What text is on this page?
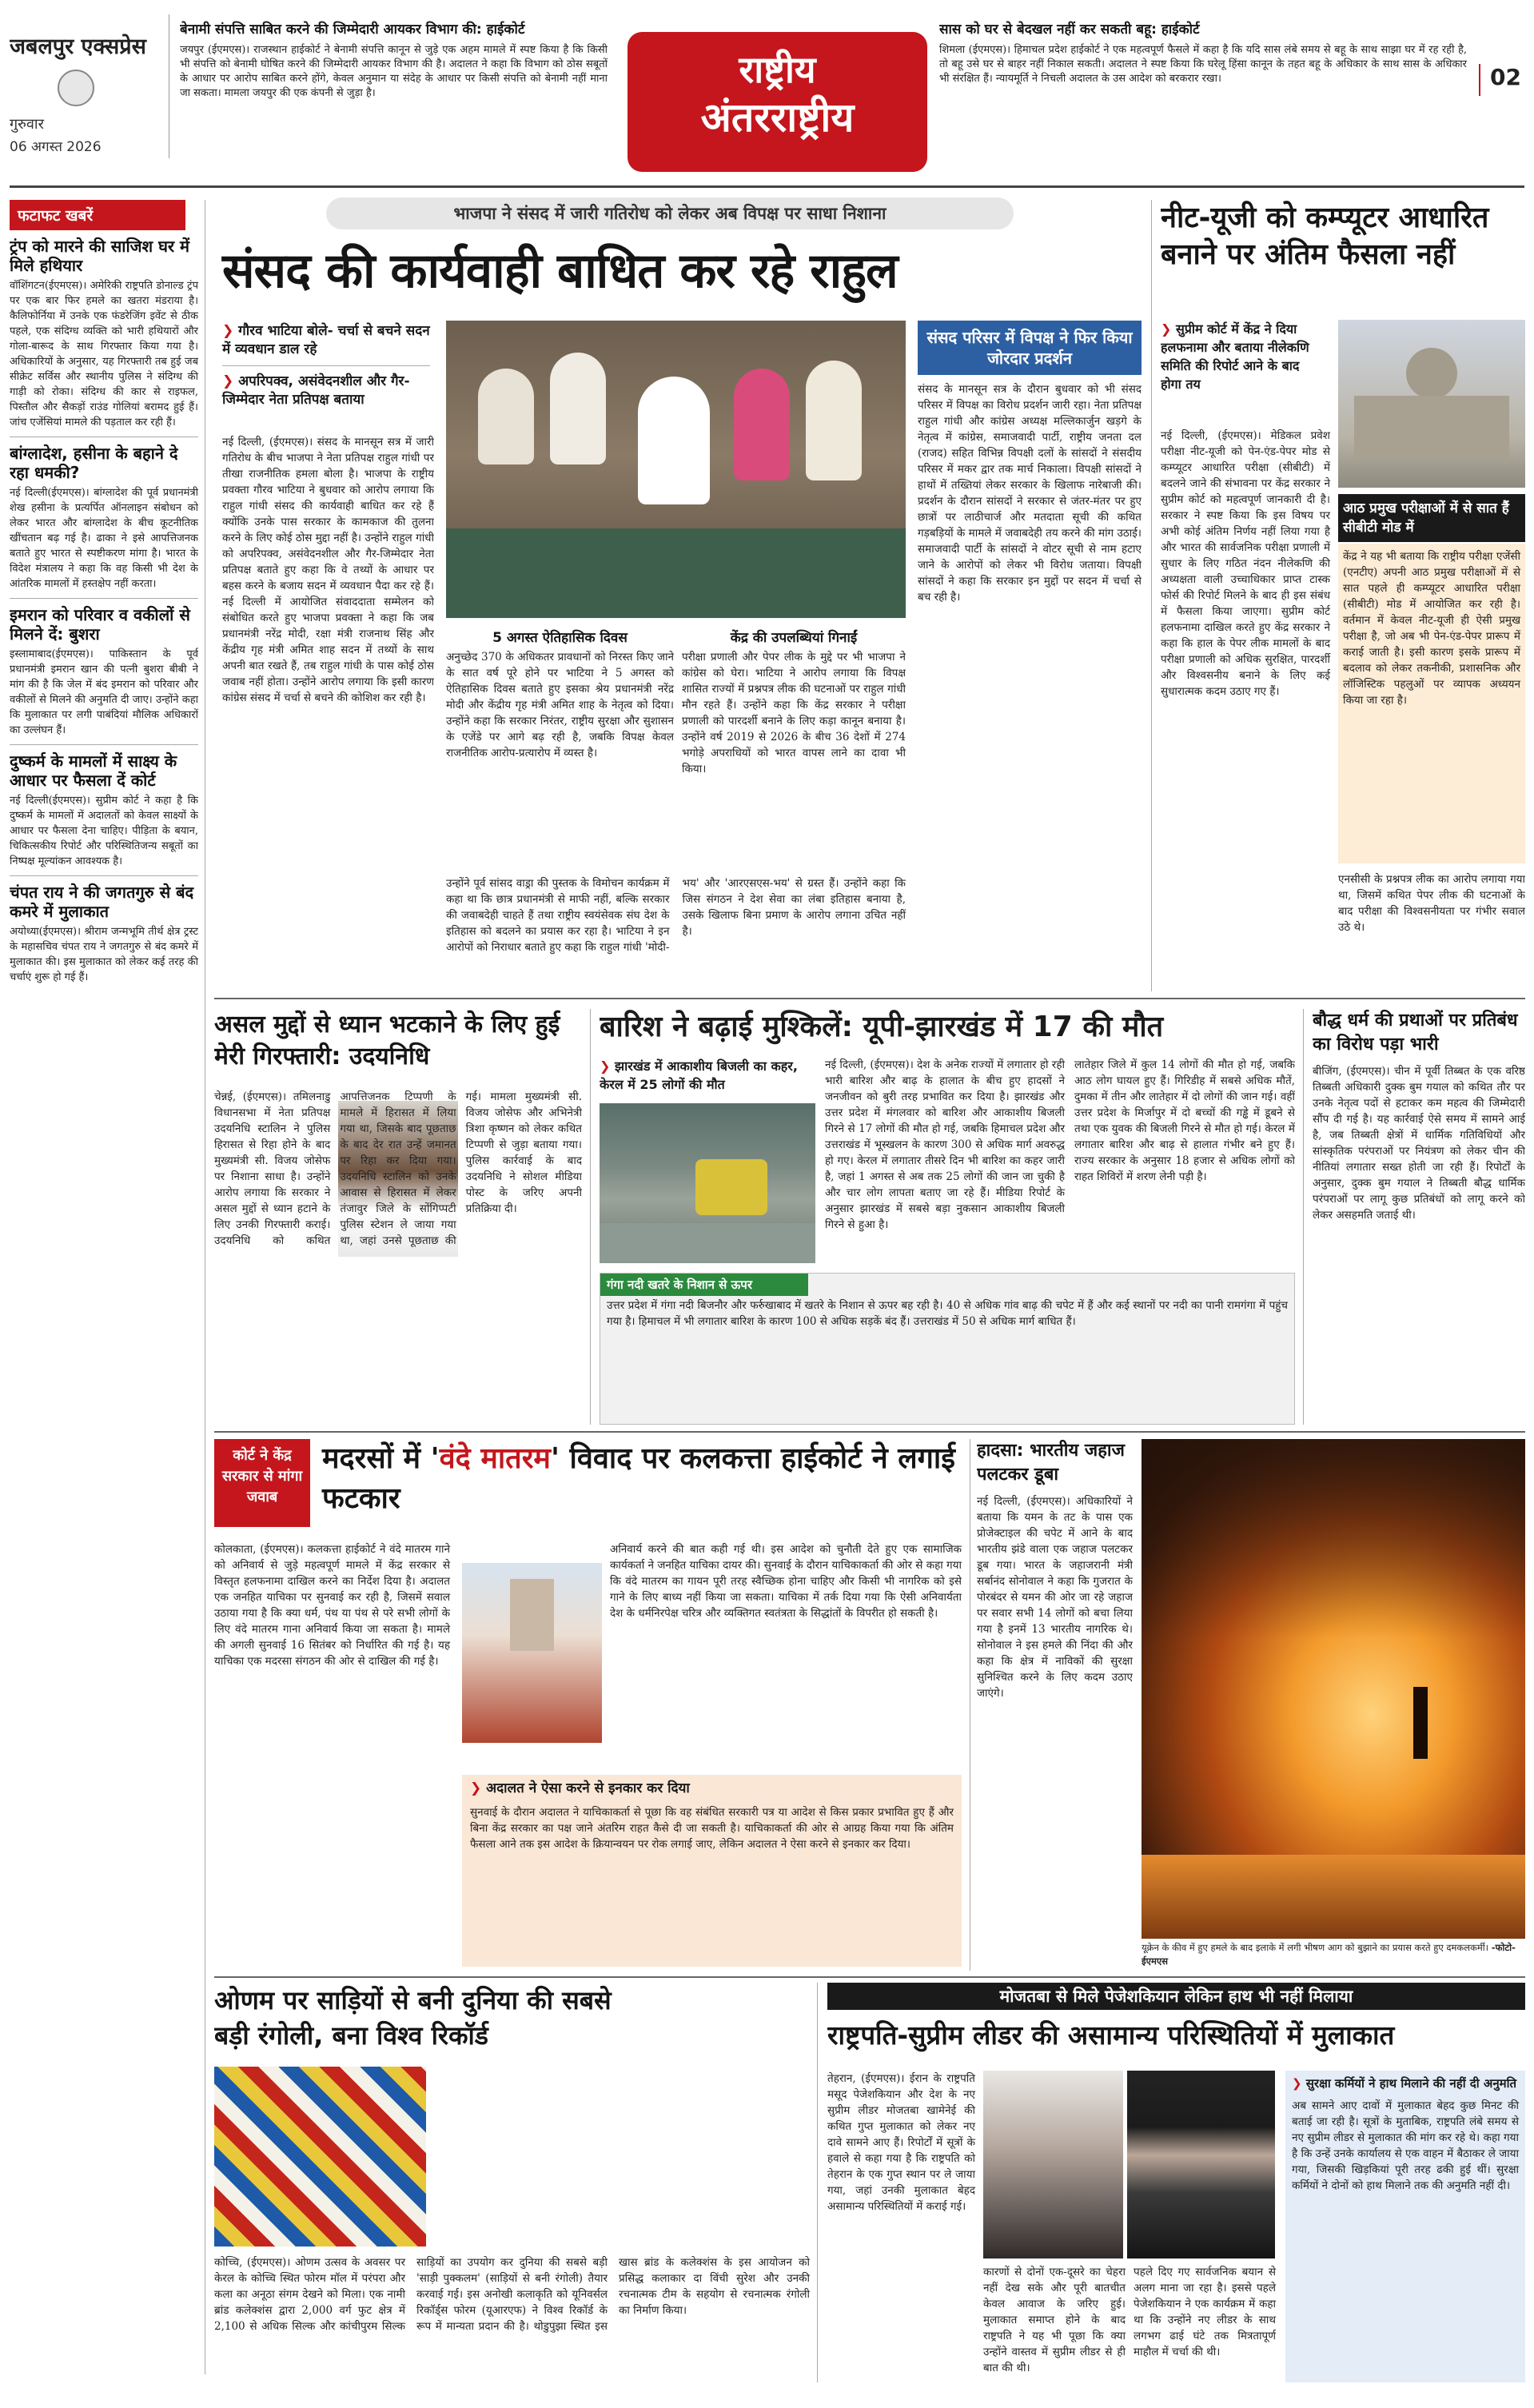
जबलपुर एक्सप्रेस
गुरुवार
06 अगस्त 2026
बेनामी संपत्ति साबित करने की जिम्मेदारी आयकर विभाग की: हाईकोर्ट
जयपुर (ईएमएस)। राजस्थान हाईकोर्ट ने बेनामी संपत्ति कानून से जुड़े एक अहम मामले में स्पष्ट किया है कि किसी भी संपत्ति को बेनामी घोषित करने की जिम्मेदारी आयकर विभाग की है। अदालत ने कहा कि विभाग को ठोस सबूतों के आधार पर आरोप साबित करने होंगे, केवल अनुमान या संदेह के आधार पर किसी संपत्ति को बेनामी नहीं माना जा सकता। मामला जयपुर की एक कंपनी से जुड़ा है।
राष्ट्रीय
अंतरराष्ट्रीय
सास को घर से बेदखल नहीं कर सकती बहू: हाईकोर्ट
शिमला (ईएमएस)। हिमाचल प्रदेश हाईकोर्ट ने एक महत्वपूर्ण फैसले में कहा है कि यदि सास लंबे समय से बहू के साथ साझा घर में रह रही है, तो बहू उसे घर से बाहर नहीं निकाल सकती। अदालत ने स्पष्ट किया कि घरेलू हिंसा कानून के तहत बहू के अधिकार के साथ सास के अधिकार भी संरक्षित हैं। न्यायमूर्ति ने निचली अदालत के उस आदेश को बरकरार रखा।	02
फटाफट खबरें
ट्रंप को मारने की साजिश घर में मिले हथियार
वॉशिंगटन(ईएमएस)। अमेरिकी राष्ट्रपति डोनाल्ड ट्रंप पर एक बार फिर हमले का खतरा मंडराया है। कैलिफोर्निया में उनके एक फंडरेजिंग इवेंट से ठीक पहले, एक संदिग्ध व्यक्ति को भारी हथियारों और गोला-बारूद के साथ गिरफ्तार किया गया है। अधिकारियों के अनुसार, यह गिरफ्तारी तब हुई जब सीक्रेट सर्विस और स्थानीय पुलिस ने संदिग्ध की गाड़ी को रोका। संदिग्ध की कार से राइफल, पिस्तौल और सैकड़ों राउंड गोलियां बरामद हुई हैं। जांच एजेंसियां मामले की पड़ताल कर रही हैं।
बांग्लादेश, हसीना के बहाने दे रहा धमकी?
नई दिल्ली(ईएमएस)। बांग्लादेश की पूर्व प्रधानमंत्री शेख हसीना के प्रत्यर्पित ऑनलाइन संबोधन को लेकर भारत और बांग्लादेश के बीच कूटनीतिक खींचतान बढ़ गई है। ढाका ने इसे आपत्तिजनक बताते हुए भारत से स्पष्टीकरण मांगा है। भारत के विदेश मंत्रालय ने कहा कि वह किसी भी देश के आंतरिक मामलों में हस्तक्षेप नहीं करता।
इमरान को परिवार व वकीलों से मिलने दें: बुशरा
इस्लामाबाद(ईएमएस)। पाकिस्तान के पूर्व प्रधानमंत्री इमरान खान की पत्नी बुशरा बीबी ने मांग की है कि जेल में बंद इमरान को परिवार और वकीलों से मिलने की अनुमति दी जाए। उन्होंने कहा कि मुलाकात पर लगी पाबंदियां मौलिक अधिकारों का उल्लंघन हैं।
दुष्कर्म के मामलों में साक्ष्य के आधार पर फैसला दें कोर्ट
नई दिल्ली(ईएमएस)। सुप्रीम कोर्ट ने कहा है कि दुष्कर्म के मामलों में अदालतों को केवल साक्ष्यों के आधार पर फैसला देना चाहिए। पीड़िता के बयान, चिकित्सकीय रिपोर्ट और परिस्थितिजन्य सबूतों का निष्पक्ष मूल्यांकन आवश्यक है।
चंपत राय ने की जगतगुरु से बंद कमरे में मुलाकात
अयोध्या(ईएमएस)। श्रीराम जन्मभूमि तीर्थ क्षेत्र ट्रस्ट के महासचिव चंपत राय ने जगतगुरु से बंद कमरे में मुलाकात की। इस मुलाकात को लेकर कई तरह की चर्चाएं शुरू हो गई हैं।
भाजपा ने संसद में जारी गतिरोध को लेकर अब विपक्ष पर साधा निशाना
संसद की कार्यवाही बाधित कर रहे राहुल
❯ गौरव भाटिया बोले- चर्चा से बचने सदन में व्यवधान डाल रहे
❯ अपरिपक्व, असंवेदनशील और गैर-जिम्मेदार नेता प्रतिपक्ष बताया
नई दिल्ली, (ईएमएस)। संसद के मानसून सत्र में जारी गतिरोध के बीच भाजपा ने नेता प्रतिपक्ष राहुल गांधी पर तीखा राजनीतिक हमला बोला है। भाजपा के राष्ट्रीय प्रवक्ता गौरव भाटिया ने बुधवार को आरोप लगाया कि राहुल गांधी संसद की कार्यवाही बाधित कर रहे हैं क्योंकि उनके पास सरकार के कामकाज की तुलना करने के लिए कोई ठोस मुद्दा नहीं है। उन्होंने राहुल गांधी को अपरिपक्व, असंवेदनशील और गैर-जिम्मेदार नेता प्रतिपक्ष बताते हुए कहा कि वे तथ्यों के आधार पर बहस करने के बजाय सदन में व्यवधान पैदा कर रहे हैं। नई दिल्ली में आयोजित संवाददाता सम्मेलन को संबोधित करते हुए भाजपा प्रवक्ता ने कहा कि जब प्रधानमंत्री नरेंद्र मोदी, रक्षा मंत्री राजनाथ सिंह और केंद्रीय गृह मंत्री अमित शाह सदन में तथ्यों के साथ अपनी बात रखते हैं, तब राहुल गांधी के पास कोई ठोस जवाब नहीं होता। उन्होंने आरोप लगाया कि इसी कारण कांग्रेस संसद में चर्चा से बचने की कोशिश कर रही है।
5 अगस्त ऐतिहासिक दिवस
अनुच्छेद 370 के अधिकतर प्रावधानों को निरस्त किए जाने के सात वर्ष पूरे होने पर भाटिया ने 5 अगस्त को ऐतिहासिक दिवस बताते हुए इसका श्रेय प्रधानमंत्री नरेंद्र मोदी और केंद्रीय गृह मंत्री अमित शाह के नेतृत्व को दिया। उन्होंने कहा कि सरकार निरंतर, राष्ट्रीय सुरक्षा और सुशासन के एजेंडे पर आगे बढ़ रही है, जबकि विपक्ष केवल राजनीतिक आरोप-प्रत्यारोप में व्यस्त है।
केंद्र की उपलब्धियां गिनाईं
परीक्षा प्रणाली और पेपर लीक के मुद्दे पर भी भाजपा ने कांग्रेस को घेरा। भाटिया ने आरोप लगाया कि विपक्ष शासित राज्यों में प्रश्नपत्र लीक की घटनाओं पर राहुल गांधी मौन रहते हैं। उन्होंने कहा कि केंद्र सरकार ने परीक्षा प्रणाली को पारदर्शी बनाने के लिए कड़ा कानून बनाया है। उन्होंने वर्ष 2019 से 2026 के बीच 36 देशों में 274 भगोड़े अपराधियों को भारत वापस लाने का दावा भी किया।
उन्होंने पूर्व सांसद वाड्रा की पुस्तक के विमोचन कार्यक्रम में कहा था कि छात्र प्रधानमंत्री से माफी नहीं, बल्कि सरकार की जवाबदेही चाहते हैं तथा राष्ट्रीय स्वयंसेवक संघ देश के इतिहास को बदलने का प्रयास कर रहा है। भाटिया ने इन आरोपों को निराधार बताते हुए कहा कि राहुल गांधी 'मोदी-भय' और 'आरएसएस-भय' से ग्रस्त हैं। उन्होंने कहा कि जिस संगठन ने देश सेवा का लंबा इतिहास बनाया है, उसके खिलाफ बिना प्रमाण के आरोप लगाना उचित नहीं है।
संसद परिसर में विपक्ष ने फिर किया जोरदार प्रदर्शन
संसद के मानसून सत्र के दौरान बुधवार को भी संसद परिसर में विपक्ष का विरोध प्रदर्शन जारी रहा। नेता प्रतिपक्ष राहुल गांधी और कांग्रेस अध्यक्ष मल्लिकार्जुन खड़गे के नेतृत्व में कांग्रेस, समाजवादी पार्टी, राष्ट्रीय जनता दल (राजद) सहित विभिन्न विपक्षी दलों के सांसदों ने संसदीय परिसर में मकर द्वार तक मार्च निकाला। विपक्षी सांसदों ने हाथों में तख्तियां लेकर सरकार के खिलाफ नारेबाजी की। प्रदर्शन के दौरान सांसदों ने सरकार से जंतर-मंतर पर हुए छात्रों पर लाठीचार्ज और मतदाता सूची की कथित गड़बड़ियों के मामले में जवाबदेही तय करने की मांग उठाई। समाजवादी पार्टी के सांसदों ने वोटर सूची से नाम हटाए जाने के आरोपों को लेकर भी विरोध जताया। विपक्षी सांसदों ने कहा कि सरकार इन मुद्दों पर सदन में चर्चा से बच रही है।
नीट-यूजी को कम्प्यूटर आधारित बनाने पर अंतिम फैसला नहीं
❯ सुप्रीम कोर्ट में केंद्र ने दिया हलफनामा और बताया नीलेकणि समिति की रिपोर्ट आने के बाद होगा तय
नई दिल्ली, (ईएमएस)। मेडिकल प्रवेश परीक्षा नीट-यूजी को पेन-एंड-पेपर मोड से कम्प्यूटर आधारित परीक्षा (सीबीटी) में बदलने जाने की संभावना पर केंद्र सरकार ने सुप्रीम कोर्ट को महत्वपूर्ण जानकारी दी है। सरकार ने स्पष्ट किया कि इस विषय पर अभी कोई अंतिम निर्णय नहीं लिया गया है और भारत की सार्वजनिक परीक्षा प्रणाली में सुधार के लिए गठित नंदन नीलेकणि की अध्यक्षता वाली उच्चाधिकार प्राप्त टास्क फोर्स की रिपोर्ट मिलने के बाद ही इस संबंध में फैसला किया जाएगा। सुप्रीम कोर्ट हलफनामा दाखिल करते हुए केंद्र सरकार ने कहा कि हाल के पेपर लीक मामलों के बाद परीक्षा प्रणाली को अधिक सुरक्षित, पारदर्शी और विश्वसनीय बनाने के लिए कई सुधारात्मक कदम उठाए गए हैं।
आठ प्रमुख परीक्षाओं में से सात हैं सीबीटी मोड में
केंद्र ने यह भी बताया कि राष्ट्रीय परीक्षा एजेंसी (एनटीए) अपनी आठ प्रमुख परीक्षाओं में से सात पहले ही कम्प्यूटर आधारित परीक्षा (सीबीटी) मोड में आयोजित कर रही है। वर्तमान में केवल नीट-यूजी ही ऐसी प्रमुख परीक्षा है, जो अब भी पेन-एंड-पेपर प्रारूप में कराई जाती है। इसी कारण इसके प्रारूप में बदलाव को लेकर तकनीकी, प्रशासनिक और लॉजिस्टिक पहलुओं पर व्यापक अध्ययन किया जा रहा है।
एनसीसी के प्रश्नपत्र लीक का आरोप लगाया गया था, जिसमें कथित पेपर लीक की घटनाओं के बाद परीक्षा की विश्वसनीयता पर गंभीर सवाल उठे थे।
असल मुद्दों से ध्यान भटकाने के लिए हुई मेरी गिरफ्तारी: उदयनिधि
चेन्नई, (ईएमएस)। तमिलनाडु विधानसभा में नेता प्रतिपक्ष उदयनिधि स्टालिन ने पुलिस हिरासत से रिहा होने के बाद मुख्यमंत्री सी. विजय जोसेफ पर निशाना साधा है। उन्होंने आरोप लगाया कि सरकार ने असल मुद्दों से ध्यान हटाने के लिए उनकी गिरफ्तारी कराई। उदयनिधि को कथित आपत्तिजनक टिप्पणी के मामले में हिरासत में लिया गया था, जिसके बाद पूछताछ के बाद देर रात उन्हें जमानत पर रिहा कर दिया गया। उदयनिधि स्टालिन को उनके आवास से हिरासत में लेकर तंजावुर जिले के सोंगिप्पटी पुलिस स्टेशन ले जाया गया था, जहां उनसे पूछताछ की गई। मामला मुख्यमंत्री सी. विजय जोसेफ और अभिनेत्री त्रिशा कृष्णन को लेकर कथित टिप्पणी से जुड़ा बताया गया। पुलिस कार्रवाई के बाद उदयनिधि ने सोशल मीडिया पोस्ट के जरिए अपनी प्रतिक्रिया दी।
बारिश ने बढ़ाई मुश्किलें: यूपी-झारखंड में 17 की मौत
❯ झारखंड में आकाशीय बिजली का कहर, केरल में 25 लोगों की मौत
नई दिल्ली, (ईएमएस)। देश के अनेक राज्यों में लगातार हो रही भारी बारिश और बाढ़ के हालात के बीच हुए हादसों ने जनजीवन को बुरी तरह प्रभावित कर दिया है। झारखंड और उत्तर प्रदेश में मंगलवार को बारिश और आकाशीय बिजली गिरने से 17 लोगों की मौत हो गई, जबकि हिमाचल प्रदेश और उत्तराखंड में भूस्खलन के कारण 300 से अधिक मार्ग अवरुद्ध हो गए। केरल में लगातार तीसरे दिन भी बारिश का कहर जारी है, जहां 1 अगस्त से अब तक 25 लोगों की जान जा चुकी है और चार लोग लापता बताए जा रहे हैं। मीडिया रिपोर्ट के अनुसार झारखंड में सबसे बड़ा नुकसान आकाशीय बिजली गिरने से हुआ है।
लातेहार जिले में कुल 14 लोगों की मौत हो गई, जबकि आठ लोग घायल हुए हैं। गिरिडीह में सबसे अधिक मौतें, दुमका में तीन और लातेहार में दो लोगों की जान गई। वहीं उत्तर प्रदेश के मिर्जापुर में दो बच्चों की गड्ढे में डूबने से तथा एक युवक की बिजली गिरने से मौत हो गई। केरल में लगातार बारिश और बाढ़ से हालात गंभीर बने हुए हैं। राज्य सरकार के अनुसार 18 हजार से अधिक लोगों को राहत शिविरों में शरण लेनी पड़ी है।
गंगा नदी खतरे के निशान से ऊपर
उत्तर प्रदेश में गंगा नदी बिजनौर और फर्रुखाबाद में खतरे के निशान से ऊपर बह रही है। 40 से अधिक गांव बाढ़ की चपेट में हैं और कई स्थानों पर नदी का पानी रामगंगा में पहुंच गया है। हिमाचल में भी लगातार बारिश के कारण 100 से अधिक सड़कें बंद हैं। उत्तराखंड में 50 से अधिक मार्ग बाधित हैं।
बौद्ध धर्म की प्रथाओं पर प्रतिबंध का विरोध पड़ा भारी
बीजिंग, (ईएमएस)। चीन में पूर्वी तिब्बत के एक वरिष्ठ तिब्बती अधिकारी दुक्क बुम गयाल को कथित तौर पर उनके नेतृत्व पदों से हटाकर कम महत्व की जिम्मेदारी सौंप दी गई है। यह कार्रवाई ऐसे समय में सामने आई है, जब तिब्बती क्षेत्रों में धार्मिक गतिविधियों और सांस्कृतिक परंपराओं पर नियंत्रण को लेकर चीन की नीतियां लगातार सख्त होती जा रही हैं। रिपोर्टों के अनुसार, दुक्क बुम गयाल ने तिब्बती बौद्ध धार्मिक परंपराओं पर लागू कुछ प्रतिबंधों को लागू करने को लेकर असहमति जताई थी।
कोर्ट ने केंद्र सरकार से मांगा जवाब
मदरसों में 'वंदे मातरम' विवाद पर कलकत्ता हाईकोर्ट ने लगाई फटकार
कोलकाता, (ईएमएस)। कलकत्ता हाईकोर्ट ने वंदे मातरम गाने को अनिवार्य से जुड़े महत्वपूर्ण मामले में केंद्र सरकार से विस्तृत हलफनामा दाखिल करने का निर्देश दिया है। अदालत एक जनहित याचिका पर सुनवाई कर रही है, जिसमें सवाल उठाया गया है कि क्या धर्म, पंथ या पंथ से परे सभी लोगों के लिए वंदे मातरम गाना अनिवार्य किया जा सकता है। मामले की अगली सुनवाई 16 सितंबर को निर्धारित की गई है। यह याचिका एक मदरसा संगठन की ओर से दाखिल की गई है।
अनिवार्य करने की बात कही गई थी। इस आदेश को चुनौती देते हुए एक सामाजिक कार्यकर्ता ने जनहित याचिका दायर की। सुनवाई के दौरान याचिकाकर्ता की ओर से कहा गया कि वंदे मातरम का गायन पूरी तरह स्वैच्छिक होना चाहिए और किसी भी नागरिक को इसे गाने के लिए बाध्य नहीं किया जा सकता। याचिका में तर्क दिया गया कि ऐसी अनिवार्यता देश के धर्मनिरपेक्ष चरित्र और व्यक्तिगत स्वतंत्रता के सिद्धांतों के विपरीत हो सकती है।
❯ अदालत ने ऐसा करने से इनकार कर दिया
सुनवाई के दौरान अदालत ने याचिकाकर्ता से पूछा कि वह संबंधित सरकारी पत्र या आदेश से किस प्रकार प्रभावित हुए हैं और बिना केंद्र सरकार का पक्ष जाने अंतरिम राहत कैसे दी जा सकती है। याचिकाकर्ता की ओर से आग्रह किया गया कि अंतिम फैसला आने तक इस आदेश के क्रियान्वयन पर रोक लगाई जाए, लेकिन अदालत ने ऐसा करने से इनकार कर दिया।
हादसा: भारतीय जहाज पलटकर डूबा
नई दिल्ली, (ईएमएस)। अधिकारियों ने बताया कि यमन के तट के पास एक प्रोजेक्टाइल की चपेट में आने के बाद भारतीय झंडे वाला एक जहाज पलटकर डूब गया। भारत के जहाजरानी मंत्री सर्बानंद सोनोवाल ने कहा कि गुजरात के पोरबंदर से यमन की ओर जा रहे जहाज पर सवार सभी 14 लोगों को बचा लिया गया है इनमें 13 भारतीय नागरिक थे। सोनोवाल ने इस हमले की निंदा की और कहा कि क्षेत्र में नाविकों की सुरक्षा सुनिश्चित करने के लिए कदम उठाए जाएंगे।
यूक्रेन के कीव में हुए हमले के बाद इलाके में लगी भीषण आग को बुझाने का प्रयास करते हुए दमकलकर्मी। -फोटो-ईएमएस
ओणम पर साड़ियों से बनी दुनिया की सबसे बड़ी रंगोली, बना विश्व रिकॉर्ड
कोच्चि, (ईएमएस)। ओणम उत्सव के अवसर पर केरल के कोच्चि स्थित फोरम मॉल में परंपरा और कला का अनूठा संगम देखने को मिला। एक नामी ब्रांड कलेक्शंस द्वारा 2,000 वर्ग फुट क्षेत्र में 2,100 से अधिक सिल्क और कांचीपुरम सिल्क साड़ियों का उपयोग कर दुनिया की सबसे बड़ी 'साड़ी पुक्कलम' (साड़ियों से बनी रंगोली) तैयार करवाई गई। इस अनोखी कलाकृति को यूनिवर्सल रिकॉर्ड्स फोरम (यूआरएफ) ने विश्व रिकॉर्ड के रूप में मान्यता प्रदान की है। थोडुपुझा स्थित इस खास ब्रांड के कलेक्शंस के इस आयोजन को प्रसिद्ध कलाकार दा विंची सुरेश और उनकी रचनात्मक टीम के सहयोग से रचनात्मक रंगोली का निर्माण किया।
मोजतबा से मिले पेजेशकियान लेकिन हाथ भी नहीं मिलाया
राष्ट्रपति-सुप्रीम लीडर की असामान्य परिस्थितियों में मुलाकात
तेहरान, (ईएमएस)। ईरान के राष्ट्रपति मसूद पेजेशकियान और देश के नए सुप्रीम लीडर मोजतबा खामेनेई की कथित गुप्त मुलाकात को लेकर नए दावे सामने आए हैं। रिपोर्टों में सूत्रों के हवाले से कहा गया है कि राष्ट्रपति को तेहरान के एक गुप्त स्थान पर ले जाया गया, जहां उनकी मुलाकात बेहद असामान्य परिस्थितियों में कराई गई।
कारणों से दोनों एक-दूसरे का चेहरा नहीं देख सके और पूरी बातचीत केवल आवाज के जरिए हुई। मुलाकात समाप्त होने के बाद राष्ट्रपति ने यह भी पूछा कि क्या उन्होंने वास्तव में सुप्रीम लीडर से ही बात की थी।
पहले दिए गए सार्वजनिक बयान से अलग माना जा रहा है। इससे पहले पेजेशकियान ने एक कार्यक्रम में कहा था कि उन्होंने नए लीडर के साथ लगभग ढाई घंटे तक मित्रतापूर्ण माहौल में चर्चा की थी।
❯ सुरक्षा कर्मियों ने हाथ मिलाने की नहीं दी अनुमति
अब सामने आए दावों में मुलाकात बेहद कुछ मिनट की बताई जा रही है। सूत्रों के मुताबिक, राष्ट्रपति लंबे समय से नए सुप्रीम लीडर से मुलाकात की मांग कर रहे थे। कहा गया है कि उन्हें उनके कार्यालय से एक वाहन में बैठाकर ले जाया गया, जिसकी खिड़कियां पूरी तरह ढकी हुई थीं। सुरक्षा कर्मियों ने दोनों को हाथ मिलाने तक की अनुमति नहीं दी।
